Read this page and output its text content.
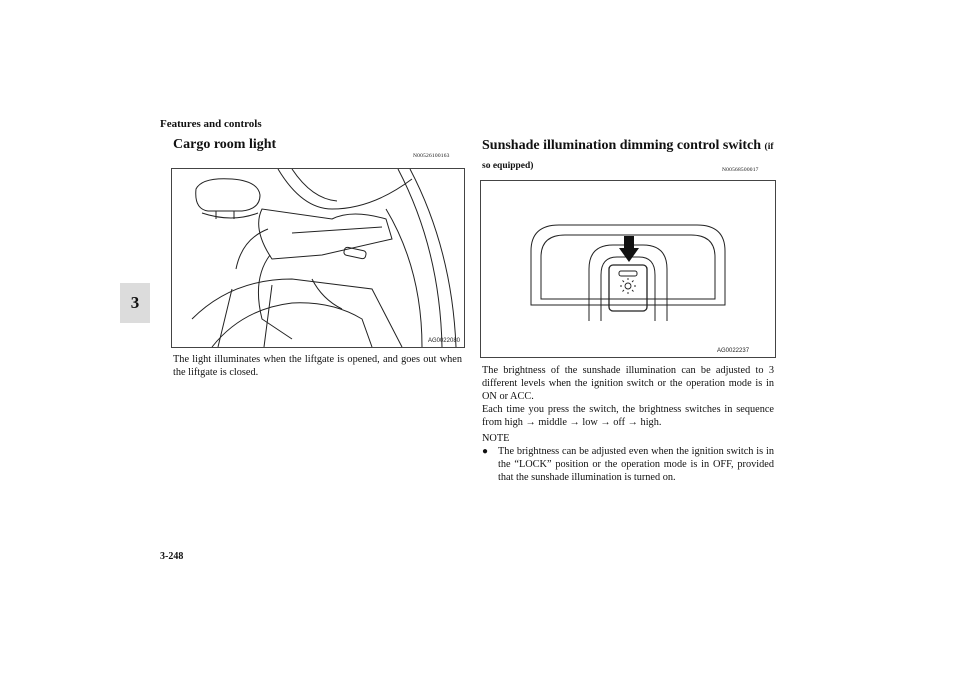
Features and controls
3
Cargo room light
N00526100163
AG0022080
The light illuminates when the liftgate is opened, and goes out when the liftgate is closed.
Sunshade illumination dimming control switch (if so equipped)	N00568500017
AG0022237
The brightness of the sunshade illumination can be adjusted to 3 different levels when the ignition switch or the operation mode is in ON or ACC.
Each time you press the switch, the brightness switches in sequence from high → middle → low → off → high.
NOTE
● The brightness can be adjusted even when the ignition switch is in the “LOCK” position or the operation mode is in OFF, provided that the sunshade illumination is turned on.
3-248
